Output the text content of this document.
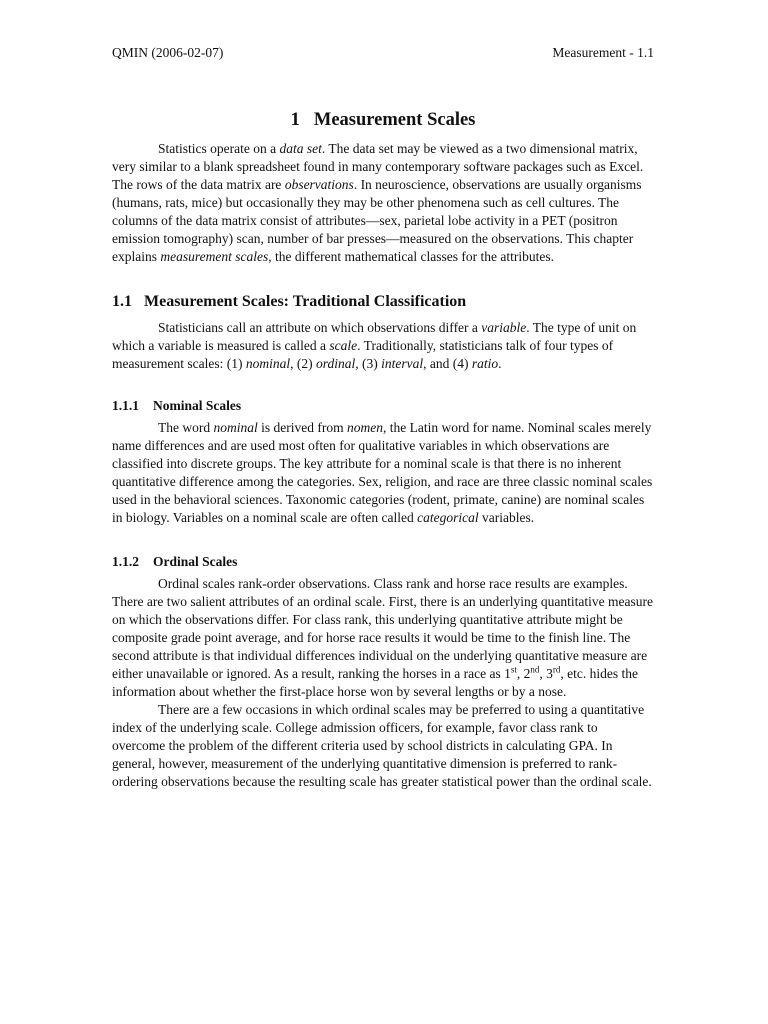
QMIN (2006-02-07)	Measurement - 1.1
1 Measurement Scales

Statistics operate on a data set. The data set may be viewed as a two dimensional matrix, very similar to a blank spreadsheet found in many contemporary software packages such as Excel. The rows of the data matrix are observations. In neuroscience, observations are usually organisms (humans, rats, mice) but occasionally they may be other phenomena such as cell cultures. The columns of the data matrix consist of attributes—sex, parietal lobe activity in a PET (positron emission tomography) scan, number of bar presses—measured on the observations. This chapter explains measurement scales, the different mathematical classes for the attributes.

1.1 Measurement Scales: Traditional Classification

Statisticians call an attribute on which observations differ a variable. The type of unit on which a variable is measured is called a scale. Traditionally, statisticians talk of four types of measurement scales: (1) nominal, (2) ordinal, (3) interval, and (4) ratio.

1.1.1 Nominal Scales

The word nominal is derived from nomen, the Latin word for name. Nominal scales merely name differences and are used most often for qualitative variables in which observations are classified into discrete groups. The key attribute for a nominal scale is that there is no inherent quantitative difference among the categories. Sex, religion, and race are three classic nominal scales used in the behavioral sciences. Taxonomic categories (rodent, primate, canine) are nominal scales in biology. Variables on a nominal scale are often called categorical variables.

1.1.2 Ordinal Scales

Ordinal scales rank-order observations. Class rank and horse race results are examples. There are two salient attributes of an ordinal scale. First, there is an underlying quantitative measure on which the observations differ. For class rank, this underlying quantitative attribute might be composite grade point average, and for horse race results it would be time to the finish line. The second attribute is that individual differences individual on the underlying quantitative measure are either unavailable or ignored. As a result, ranking the horses in a race as 1st, 2nd, 3rd, etc. hides the information about whether the first-place horse won by several lengths or by a nose.

There are a few occasions in which ordinal scales may be preferred to using a quantitative index of the underlying scale. College admission officers, for example, favor class rank to overcome the problem of the different criteria used by school districts in calculating GPA. In general, however, measurement of the underlying quantitative dimension is preferred to rank-ordering observations because the resulting scale has greater statistical power than the ordinal scale.
